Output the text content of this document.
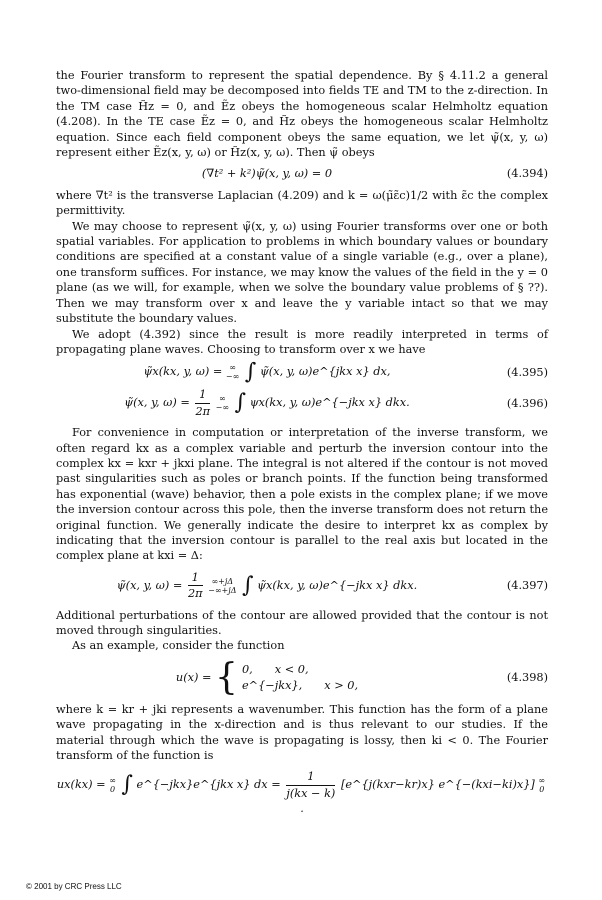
the Fourier transform to represent the spatial dependence. By § 4.11.2 a general two-dimensional field may be decomposed into fields TE and TM to the z-direction. In the TM case H̃z = 0, and Ẽz obeys the homogeneous scalar Helmholtz equation (4.208). In the TE case Ẽz = 0, and H̃z obeys the homogeneous scalar Helmholtz equation. Since each field component obeys the same equation, we let ψ̃(x, y, ω) represent either Ẽz(x, y, ω) or H̃z(x, y, ω). Then ψ̃ obeys

(∇t² + k²)ψ̃(x, y, ω) = 0	(4.394)

where ∇t² is the transverse Laplacian (4.209) and k = ω(μ̃ε̃c)1/2 with ε̃c the complex permittivity.

We may choose to represent ψ̃(x, y, ω) using Fourier transforms over one or both spatial variables. For application to problems in which boundary values or boundary conditions are specified at a constant value of a single variable (e.g., over a plane), one transform suffices. For instance, we may know the values of the field in the y = 0 plane (as we will, for example, when we solve the boundary value problems of § ??). Then we may transform over x and leave the y variable intact so that we may substitute the boundary values.

We adopt (4.392) since the result is more readily interpreted in terms of propagating plane waves. Choosing to transform over x we have

ψ̃x(kx, y, ω) = ∞
−∞ ∫ ψ̃(x, y, ω)e^{jkx x} dx,	(4.395)
ψ̃(x, y, $\omega) = \frac{1}{2\pi}$
	∞
−∞ ∫ ψx(kx, y, ω)e^{−jkx x} dkx.	(4.396)

For convenience in computation or interpretation of the inverse transform, we often regard kx as a complex variable and perturb the inversion contour into the complex kx = kxr + jkxi plane. The integral is not altered if the contour is not moved past singularities such as poles or branch points. If the function being transformed has exponential (wave) behavior, then a pole exists in the complex plane; if we move the inversion contour across this pole, then the inverse transform does not return the original function. We generally indicate the desire to interpret kx as complex by indicating that the inversion contour is parallel to the real axis but located in the complex plane at kxi = Δ:

ψ̃(x, y, $\omega) = \frac{1}{2\pi}$
	∞+jΔ
−∞+jΔ ∫ ψ̃x(kx, y, ω)e^{−jkx x} dkx.	(4.397)

Additional perturbations of the contour are allowed provided that the contour is not moved through singularities.

As an example, consider the function

u(x) = { 0, x < 0,
e^{−jkx}, x > 0,
(4.398)

where k = kr + jki represents a wavenumber. This function has the form of a plane wave propagating in the x-direction and is thus relevant to our studies. If the material through which the wave is propagating is lossy, then ki < 0. The Fourier transform of the function is

ux(kx) = ∞
0 ∫ e^{−jkx}e^{jkx x} dx = $\frac{1}{j(kx - k)}$ [e^{j(kxr−kr)x} e^{−(kxi−ki)x}] ∞
0
.
© 2001 by CRC Press LLC
